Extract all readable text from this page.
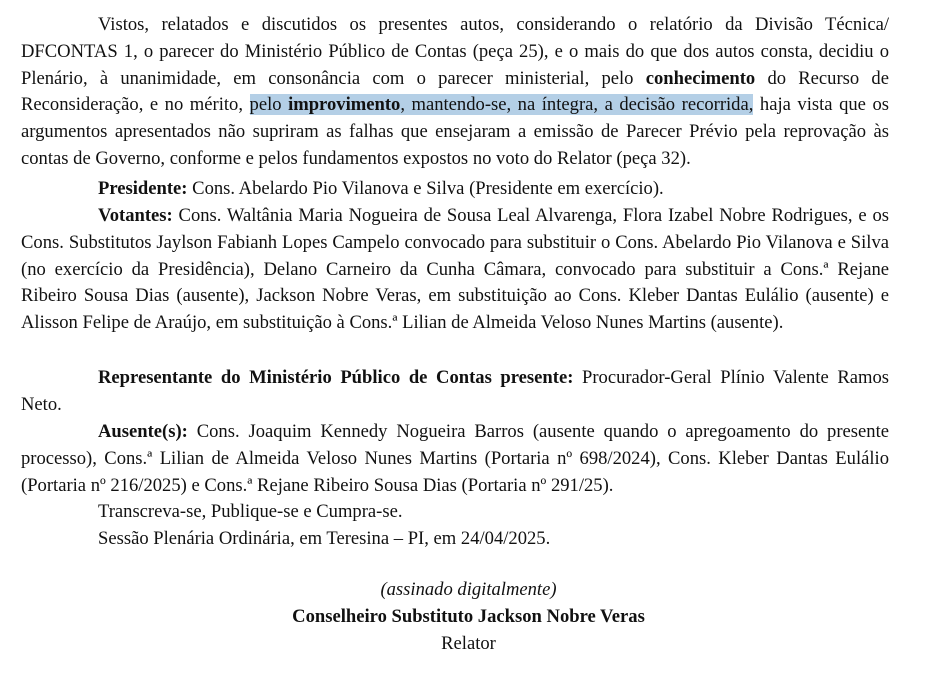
Vistos, relatados e discutidos os presentes autos, considerando o relatório da Divisão Técnica/ DFCONTAS 1, o parecer do Ministério Público de Contas (peça 25), e o mais do que dos autos consta, decidiu o Plenário, à unanimidade, em consonância com o parecer ministerial, pelo conhecimento do Recurso de Reconsideração, e no mérito, pelo improvimento, mantendo-se, na íntegra, a decisão recorrida, haja vista que os argumentos apresentados não supriram as falhas que ensejaram a emissão de Parecer Prévio pela reprovação às contas de Governo, conforme e pelos fundamentos expostos no voto do Relator (peça 32).

Presidente: Cons. Abelardo Pio Vilanova e Silva (Presidente em exercício).

Votantes: Cons. Waltânia Maria Nogueira de Sousa Leal Alvarenga, Flora Izabel Nobre Rodrigues, e os Cons. Substitutos Jaylson Fabianh Lopes Campelo convocado para substituir o Cons. Abelardo Pio Vilanova e Silva (no exercício da Presidência), Delano Carneiro da Cunha Câmara, convocado para substituir a Cons.ª Rejane Ribeiro Sousa Dias (ausente), Jackson Nobre Veras, em substituição ao Cons. Kleber Dantas Eulálio (ausente) e Alisson Felipe de Araújo, em substituição à Cons.ª Lilian de Almeida Veloso Nunes Martins (ausente).

Representante do Ministério Público de Contas presente: Procurador-Geral Plínio Valente Ramos Neto.

Ausente(s): Cons. Joaquim Kennedy Nogueira Barros (ausente quando o apregoamento do presente processo), Cons.ª Lilian de Almeida Veloso Nunes Martins (Portaria nº 698/2024), Cons. Kleber Dantas Eulálio (Portaria nº 216/2025) e Cons.ª Rejane Ribeiro Sousa Dias (Portaria nº 291/25).

Transcreva-se, Publique-se e Cumpra-se.

Sessão Plenária Ordinária, em Teresina – PI, em 24/04/2025.

(assinado digitalmente)
Conselheiro Substituto Jackson Nobre Veras
Relator
